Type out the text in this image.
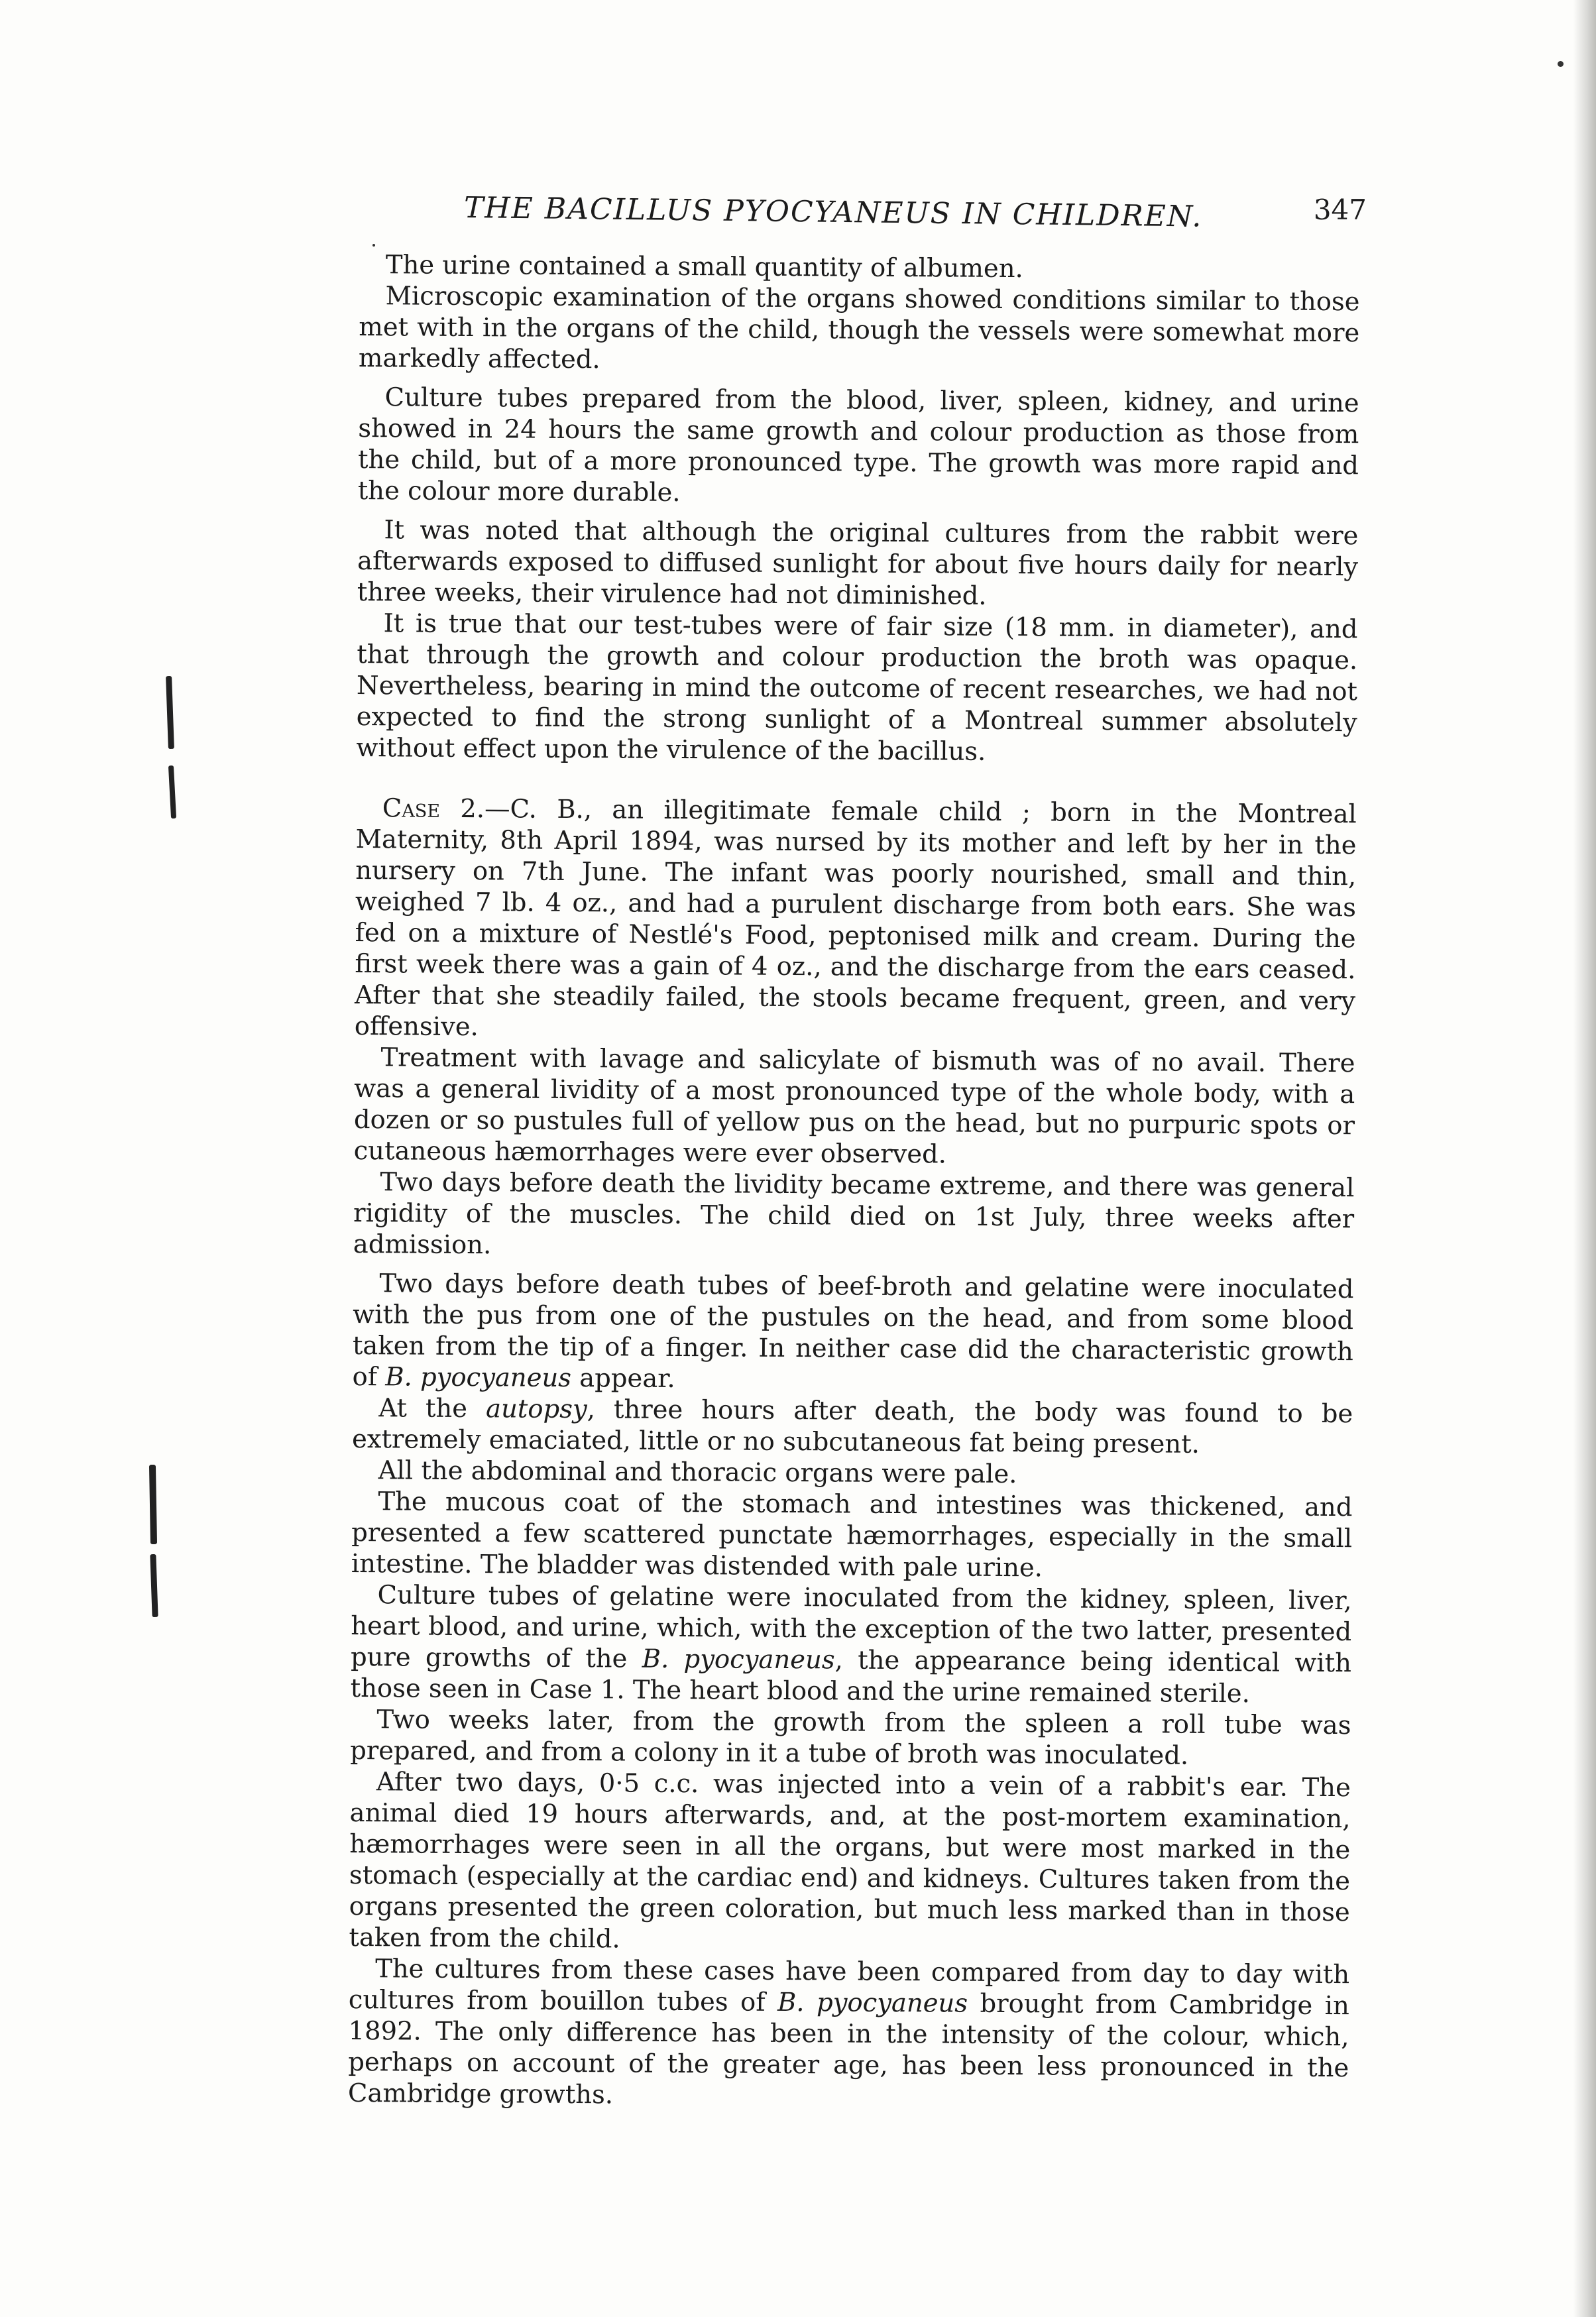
THE BACILLUS PYOCYANEUS IN CHILDREN.	347

The urine contained a small quantity of albumen.

Microscopic examination of the organs showed conditions similar to those met with in the organs of the child, though the vessels were somewhat more markedly affected.

Culture tubes prepared from the blood, liver, spleen, kidney, and urine showed in 24 hours the same growth and colour production as those from the child, but of a more pronounced type. The growth was more rapid and the colour more durable.

It was noted that although the original cultures from the rabbit were afterwards exposed to diffused sunlight for about five hours daily for nearly three weeks, their virulence had not diminished.

It is true that our test-tubes were of fair size (18 mm. in diameter), and that through the growth and colour production the broth was opaque. Nevertheless, bearing in mind the outcome of recent researches, we had not expected to find the strong sunlight of a Montreal summer absolutely without effect upon the virulence of the bacillus.

Case 2.—C. B., an illegitimate female child ; born in the Montreal Maternity, 8th April 1894, was nursed by its mother and left by her in the nursery on 7th June. The infant was poorly nourished, small and thin, weighed 7 lb. 4 oz., and had a purulent discharge from both ears. She was fed on a mixture of Nestlé's Food, peptonised milk and cream. During the first week there was a gain of 4 oz., and the discharge from the ears ceased. After that she steadily failed, the stools became frequent, green, and very offensive.

Treatment with lavage and salicylate of bismuth was of no avail. There was a general lividity of a most pronounced type of the whole body, with a dozen or so pustules full of yellow pus on the head, but no purpuric spots or cutaneous hæmorrhages were ever observed.

Two days before death the lividity became extreme, and there was general rigidity of the muscles. The child died on 1st July, three weeks after admission.

Two days before death tubes of beef-broth and gelatine were inoculated with the pus from one of the pustules on the head, and from some blood taken from the tip of a finger. In neither case did the characteristic growth of B. pyocyaneus appear.

At the autopsy, three hours after death, the body was found to be extremely emaciated, little or no subcutaneous fat being present.

All the abdominal and thoracic organs were pale.

The mucous coat of the stomach and intestines was thickened, and presented a few scattered punctate hæmorrhages, especially in the small intestine. The bladder was distended with pale urine.

Culture tubes of gelatine were inoculated from the kidney, spleen, liver, heart blood, and urine, which, with the exception of the two latter, presented pure growths of the B. pyocyaneus, the appearance being identical with those seen in Case 1. The heart blood and the urine remained sterile.

Two weeks later, from the growth from the spleen a roll tube was prepared, and from a colony in it a tube of broth was inoculated.

After two days, 0·5 c.c. was injected into a vein of a rabbit's ear. The animal died 19 hours afterwards, and, at the post-mortem examination, hæmorrhages were seen in all the organs, but were most marked in the stomach (especially at the cardiac end) and kidneys. Cultures taken from the organs presented the green coloration, but much less marked than in those taken from the child.

The cultures from these cases have been compared from day to day with cultures from bouillon tubes of B. pyocyaneus brought from Cambridge in 1892. The only difference has been in the intensity of the colour, which, perhaps on account of the greater age, has been less pronounced in the Cambridge growths.
